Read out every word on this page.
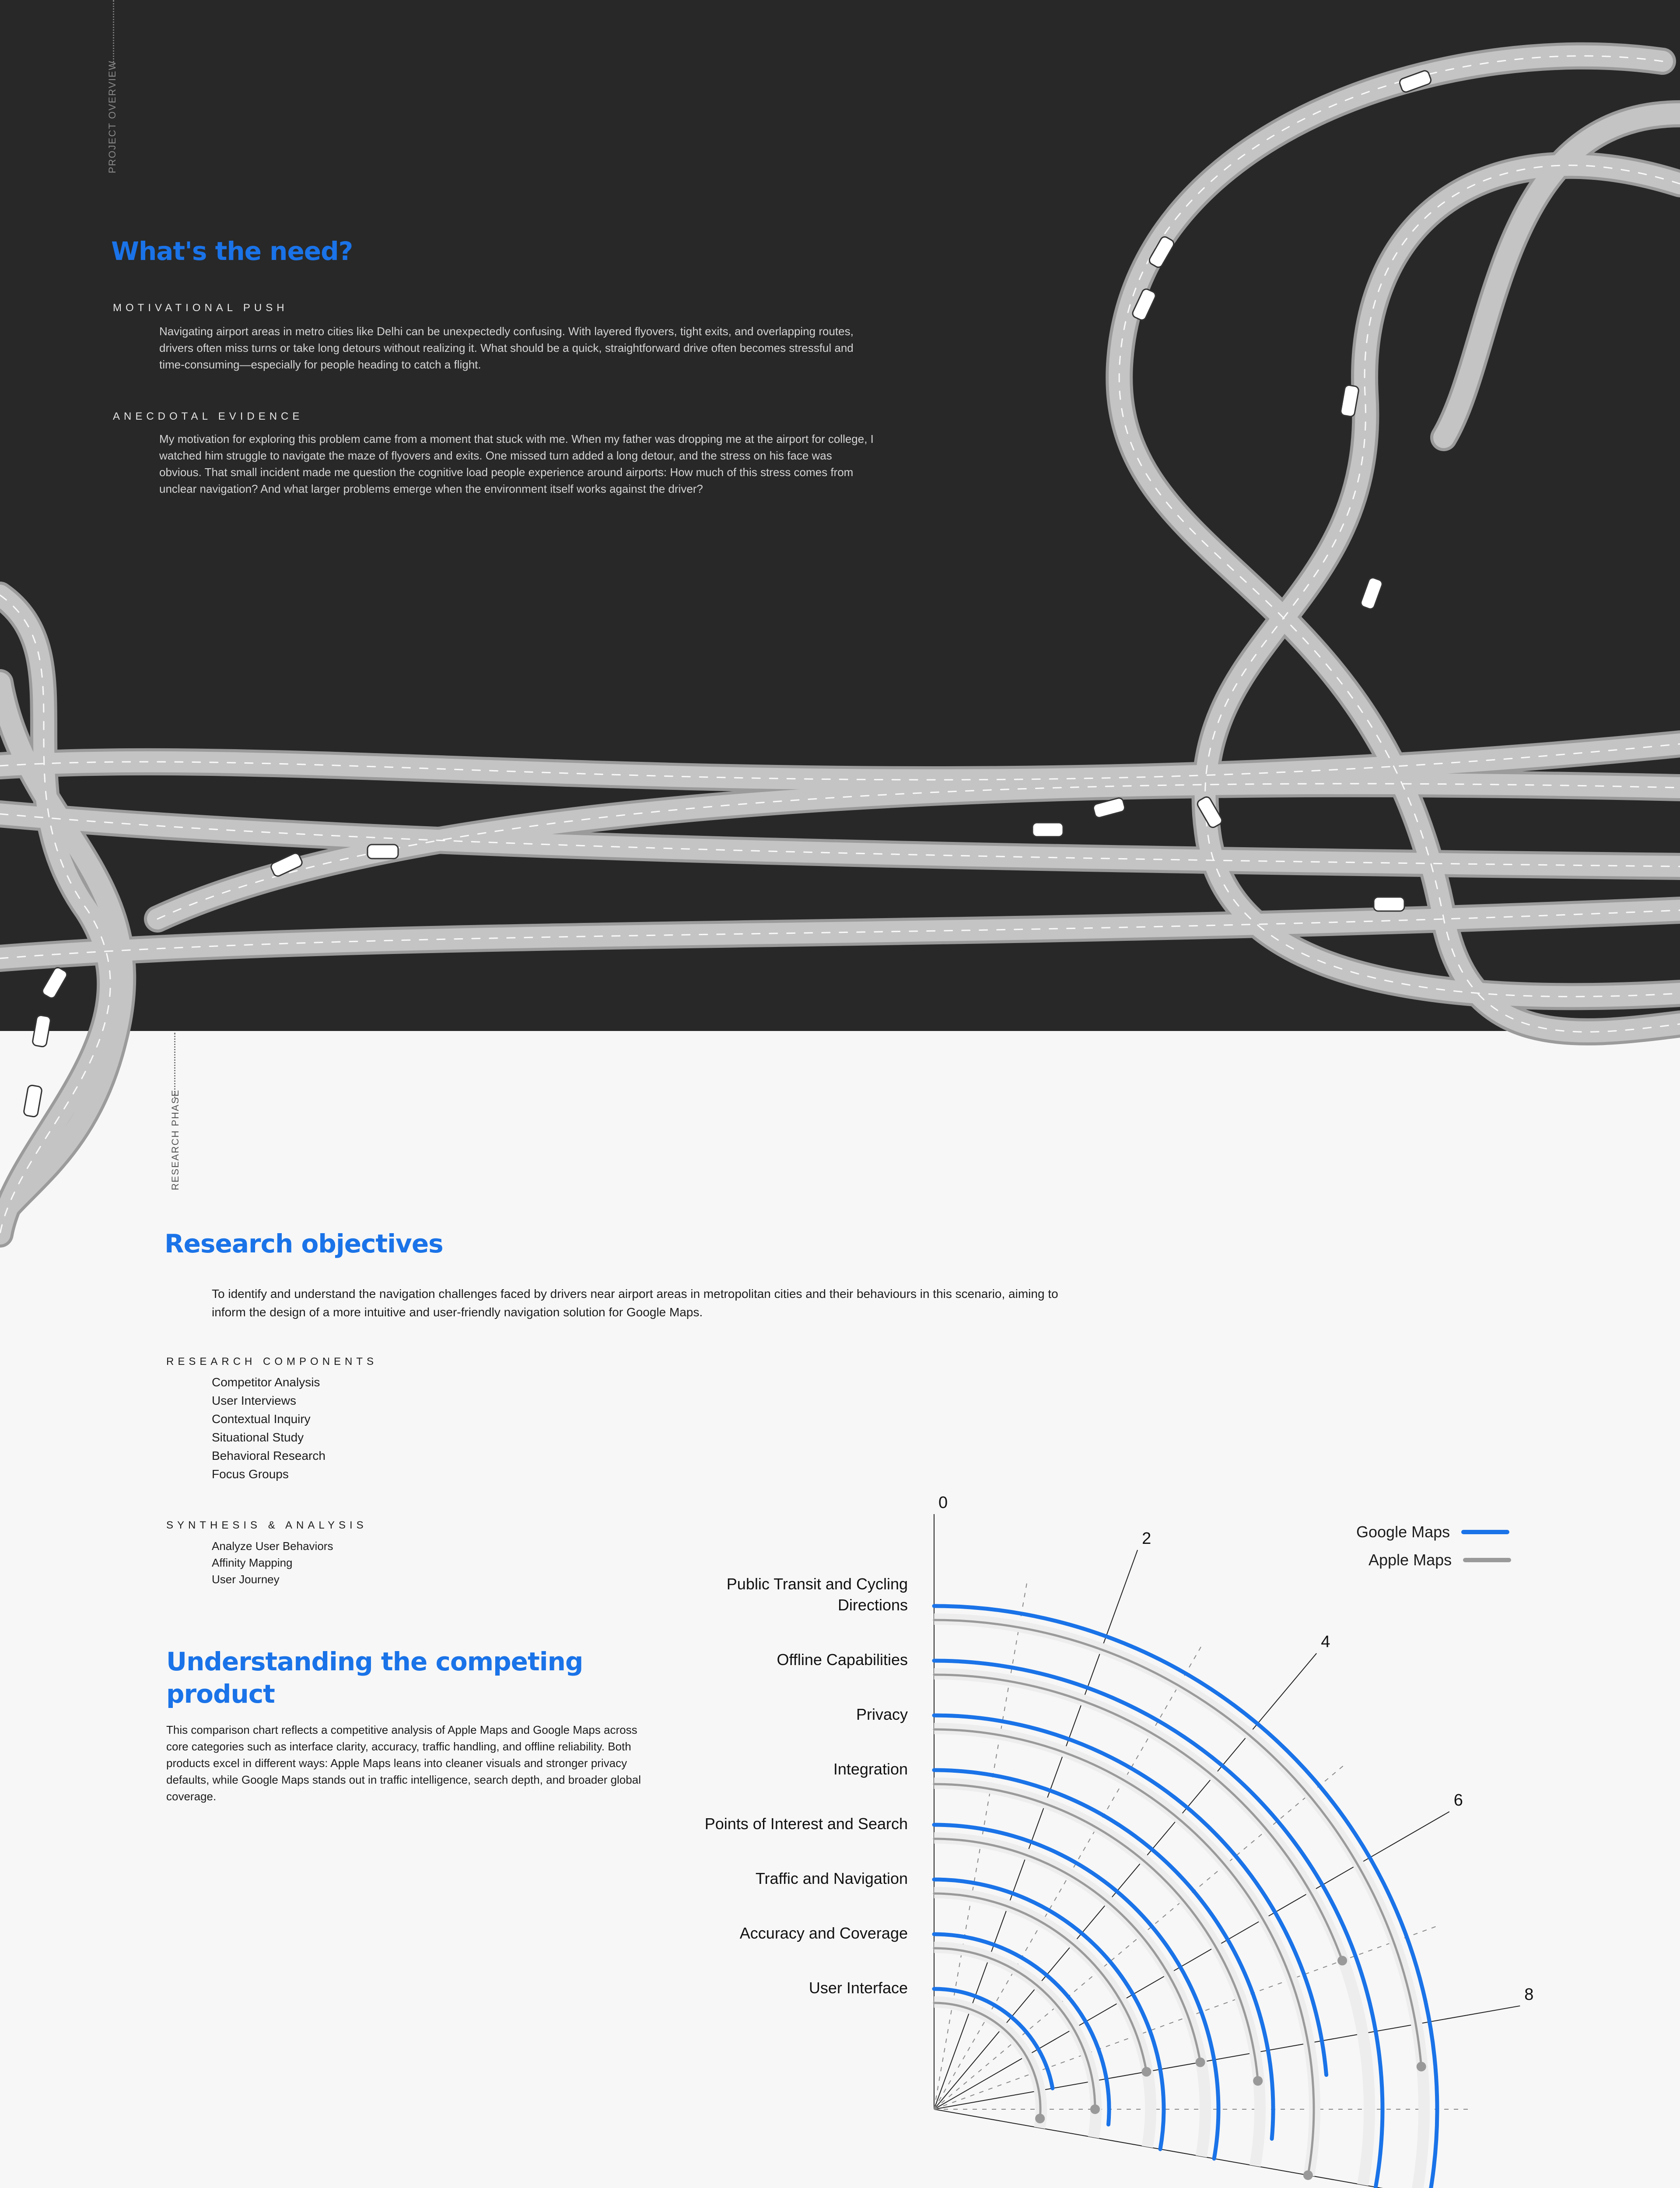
PROJECT OVERVIEW
What's the need?
MOTIVATIONAL PUSH

Navigating airport areas in metro cities like Delhi can be unexpectedly confusing. With layered flyovers, tight exits, and overlapping routes, drivers often miss turns or take long detours without realizing it. What should be a quick, straightforward drive often becomes stressful and time-consuming—especially for people heading to catch a flight.

ANECDOTAL EVIDENCE

My motivation for exploring this problem came from a moment that stuck with me. When my father was dropping me at the airport for college, I watched him struggle to navigate the maze of flyovers and exits. One missed turn added a long detour, and the stress on his face was obvious. That small incident made me question the cognitive load people experience around airports: How much of this stress comes from unclear navigation? And what larger problems emerge when the environment itself works against the driver?

RESEARCH PHASE
Research objectives

To identify and understand the navigation challenges faced by drivers near airport areas in metropolitan cities and their behaviours in this scenario, aiming to inform the design of a more intuitive and user-friendly navigation solution for Google Maps.

RESEARCH COMPONENTS
Competitor Analysis
User Interviews
Contextual Inquiry
Situational Study
Behavioral Research
Focus Groups
SYNTHESIS & ANALYSIS
Analyze User Behaviors
Affinity Mapping
User Journey
Understanding the competing product

This comparison chart reflects a competitive analysis of Apple Maps and Google Maps across core categories such as interface clarity, accuracy, traffic handling, and offline reliability. Both products excel in different ways: Apple Maps leans into cleaner visuals and stronger privacy defaults, while Google Maps stands out in traffic intelligence, search depth, and broader global coverage.

0
2
4
6
8
Public Transit and Cycling Directions
Offline Capabilities
Privacy
Integration
Points of Interest and Search
Traffic and Navigation
Accuracy and Coverage
User Interface
Google Maps
Apple Maps
